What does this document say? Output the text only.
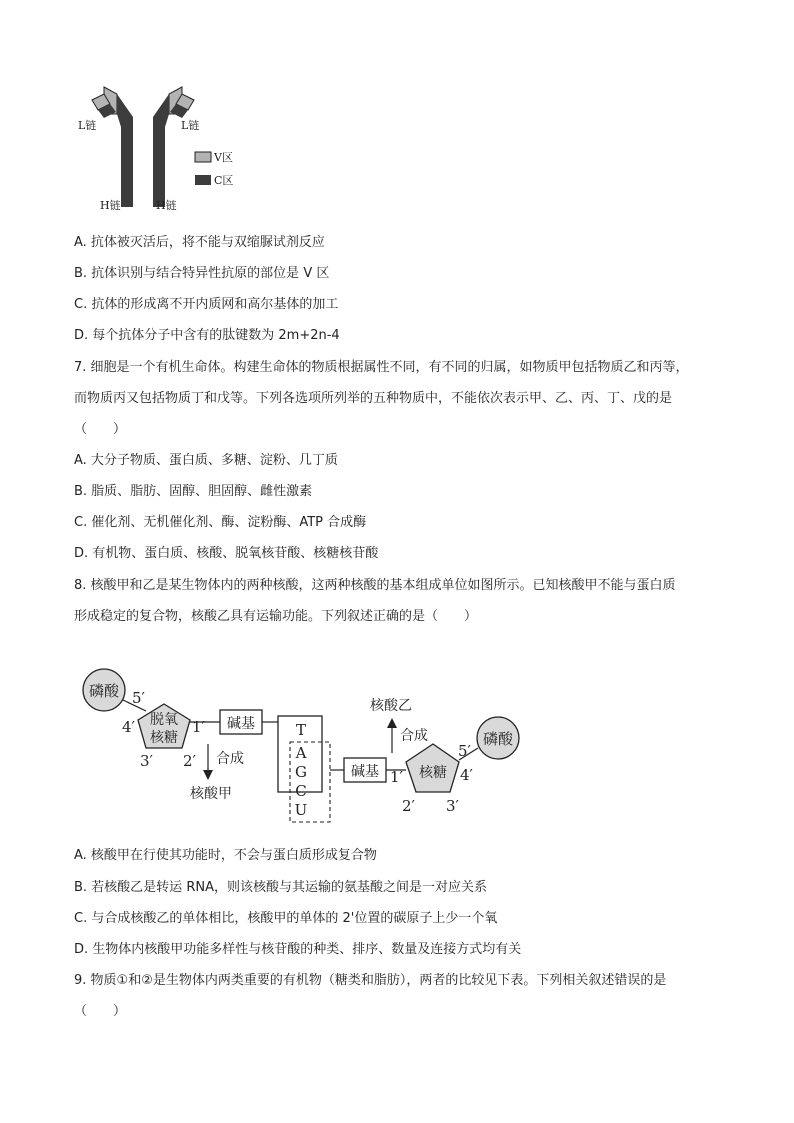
L链	L链
H链	H链
V区
C区
A. 抗体被灭活后，将不能与双缩脲试剂反应
B. 抗体识别与结合特异性抗原的部位是 V 区
C. 抗体的形成离不开内质网和高尔基体的加工
D. 每个抗体分子中含有的肽键数为 2m+2n-4
7. 细胞是一个有机生命体。构建生命体的物质根据属性不同，有不同的归属，如物质甲包括物质乙和丙等，
而物质丙又包括物质丁和戊等。下列各选项所列举的五种物质中，不能依次表示甲、乙、丙、丁、戊的是
（　　）
A. 大分子物质、蛋白质、多糖、淀粉、几丁质
B. 脂质、脂肪、固醇、胆固醇、雌性激素
C. 催化剂、无机催化剂、酶、淀粉酶、ATP 合成酶
D. 有机物、蛋白质、核酸、脱氧核苷酸、核糖核苷酸
8. 核酸甲和乙是某生物体内的两种核酸，这两种核酸的基本组成单位如图所示。已知核酸甲不能与蛋白质
形成稳定的复合物，核酸乙具有运输功能。下列叙述正确的是（　　）
磷酸
脱氧
核糖
5′
4′	1′
3′ 2′
碱基	T
A
G
C
U
合成
核酸甲
碱基	核糖
1′	4′
5′
2′ 3′
磷酸
合成
核酸乙
A. 核酸甲在行使其功能时，不会与蛋白质形成复合物
B. 若核酸乙是转运 RNA，则该核酸与其运输的氨基酸之间是一对应关系
C. 与合成核酸乙的单体相比，核酸甲的单体的 2'位置的碳原子上少一个氧
D. 生物体内核酸甲功能多样性与核苷酸的种类、排序、数量及连接方式均有关
9. 物质①和②是生物体内两类重要的有机物（糖类和脂肪），两者的比较见下表。下列相关叙述错误的是
（　　）
